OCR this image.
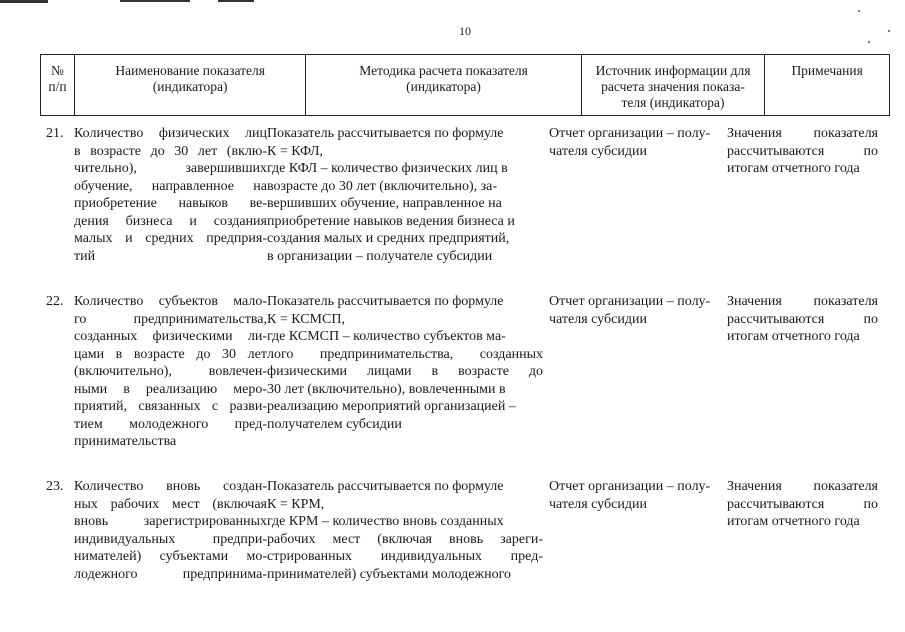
10
№
п/п
Наименование показателя
(индикатора)
Методика расчета показателя
(индикатора)
Источник информации для
расчета значения показа-
теля (индикатора)
Примечания
21. Количество физических лиц
в возрасте до 30 лет (вклю-
чительно), завершивших
обучение, направленное на
приобретение навыков ве-
дения бизнеса и создания
малых и средних предприя-
тий
Показатель рассчитывается по формуле
К = КФЛ,
где КФЛ – количество физических лиц в
возрасте до 30 лет (включительно), за-
вершивших обучение, направленное на
приобретение навыков ведения бизнеса и
создания малых и средних предприятий,
в организации – получателе субсидии
Отчет организации – полу-
чателя субсидии
Значения показателя
рассчитываются по
итогам отчетного года
22. Количество субъектов мало-
го предпринимательства,
созданных физическими ли-
цами в возрасте до 30 лет
(включительно), вовлечен-
ными в реализацию меро-
приятий, связанных с разви-
тием молодежного пред-
принимательства
Показатель рассчитывается по формуле
К = КСМСП,
где КСМСП – количество субъектов ма-
лого предпринимательства, созданных
физическими лицами в возрасте до
30 лет (включительно), вовлеченными в
реализацию мероприятий организацией –
получателем субсидии
Отчет организации – полу-
чателя субсидии
Значения показателя
рассчитываются по
итогам отчетного года
23. Количество вновь создан-
ных рабочих мест (включая
вновь зарегистрированных
индивидуальных предпри-
нимателей) субъектами мо-
лодежного предпринима-
Показатель рассчитывается по формуле
К = КРМ,
где КРМ – количество вновь созданных
рабочих мест (включая вновь зареги-
стрированных индивидуальных пред-
принимателей) субъектами молодежного
Отчет организации – полу-
чателя субсидии
Значения показателя
рассчитываются по
итогам отчетного года
